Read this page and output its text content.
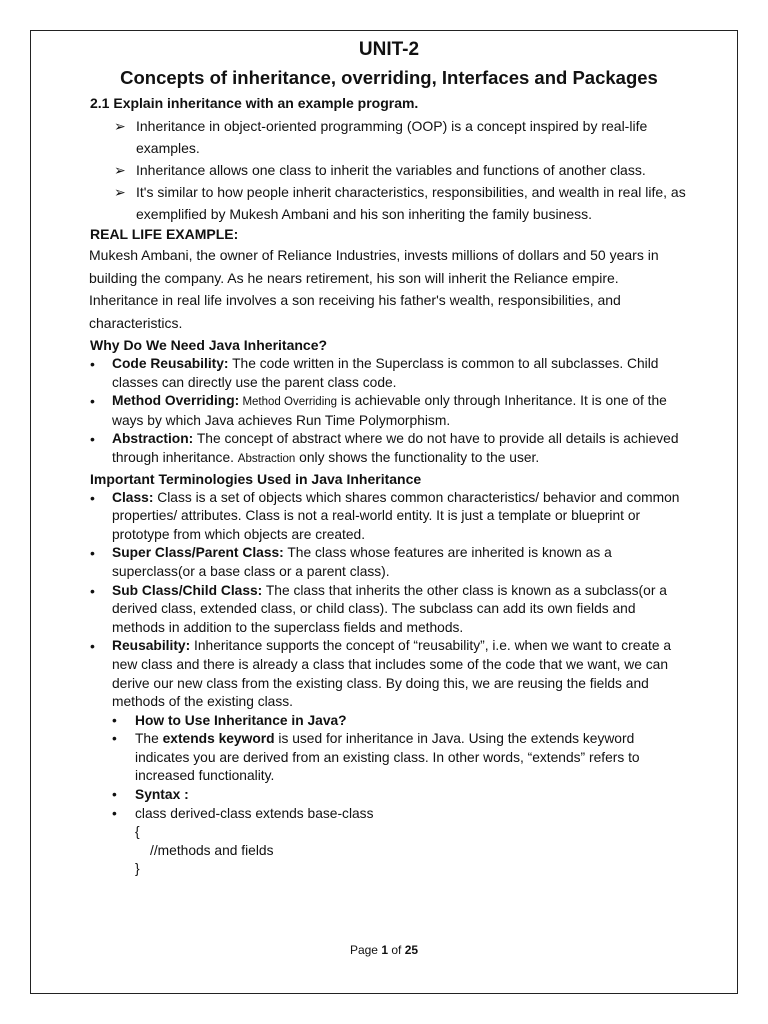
UNIT-2
Concepts of inheritance, overriding, Interfaces and Packages
2.1 Explain inheritance with an example program.
➢ Inheritance in object-oriented programming (OOP) is a concept inspired by real-life examples.
➢ Inheritance allows one class to inherit the variables and functions of another class.
➢ It's similar to how people inherit characteristics, responsibilities, and wealth in real life, as exemplified by Mukesh Ambani and his son inheriting the family business.
REAL LIFE EXAMPLE:

Mukesh Ambani, the owner of Reliance Industries, invests millions of dollars and 50 years in building the company. As he nears retirement, his son will inherit the Reliance empire. Inheritance in real life involves a son receiving his father's wealth, responsibilities, and characteristics.

Why Do We Need Java Inheritance?
• Code Reusability: The code written in the Superclass is common to all subclasses. Child classes can directly use the parent class code.
• Method Overriding: Method Overriding is achievable only through Inheritance. It is one of the ways by which Java achieves Run Time Polymorphism.
• Abstraction: The concept of abstract where we do not have to provide all details is achieved through inheritance. Abstraction only shows the functionality to the user.
Important Terminologies Used in Java Inheritance
• Class: Class is a set of objects which shares common characteristics/ behavior and common properties/ attributes. Class is not a real-world entity. It is just a template or blueprint or prototype from which objects are created.
• Super Class/Parent Class: The class whose features are inherited is known as a superclass(or a base class or a parent class).
• Sub Class/Child Class: The class that inherits the other class is known as a subclass(or a derived class, extended class, or child class). The subclass can add its own fields and methods in addition to the superclass fields and methods.
• Reusability: Inheritance supports the concept of “reusability”, i.e. when we want to create a new class and there is already a class that includes some of the code that we want, we can derive our new class from the existing class. By doing this, we are reusing the fields and methods of the existing class.
• How to Use Inheritance in Java?
• The extends keyword is used for inheritance in Java. Using the extends keyword indicates you are derived from an existing class. In other words, “extends” refers to increased functionality.
• Syntax :
• class derived-class extends base-class
{
//methods and fields
}
Page 1 of 25
